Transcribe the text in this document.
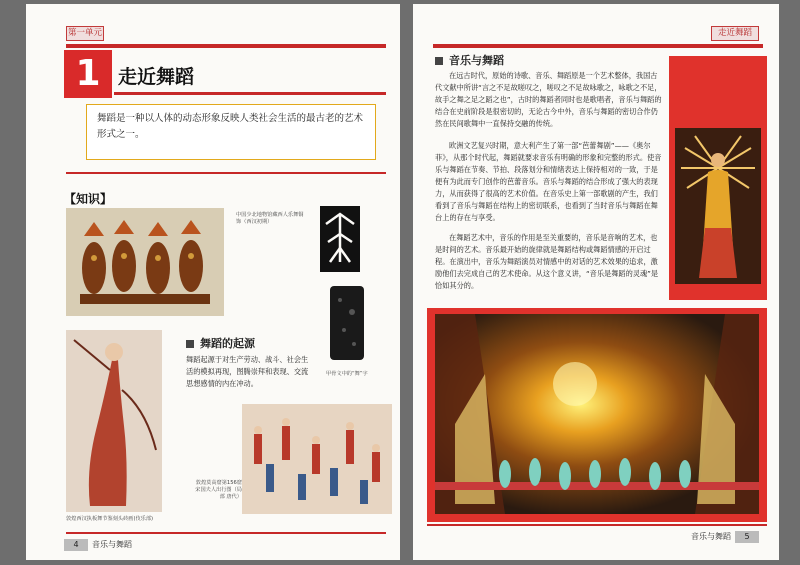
第一单元
1 走近舞蹈
舞蹈是一种以人体的动态形象反映人类社会生活的最古老的艺术形式之一。
【知识】
中国少北地物馆藏西人乐舞铜饰（西汉初期）
甲骨文中的“舞”字
敦煌西汉执板舞节鉴刻头砖画(伎乐部)
舞蹈的起源
舞蹈起源于对生产劳动、战斗、社会生活的模拟再现，图腾崇拜和表现、交流思想感情的内在冲动。
敦煌莫高窟第156窟宋国夫人出行图（局部 唐代）
4 音乐与舞蹈
走近舞蹈
音乐与舞蹈
在远古时代，原始的诗歌、音乐、舞蹈原是一个艺术整体，我国古代文献中所讲“言之不足故嗟叹之，嗟叹之不足故咏歌之，咏歌之不足，故手之舞之足之蹈之也”，古时的舞蹈者同时也是歌唱者，音乐与舞蹈的结合在史前阶段是很密切的，无论古今中外，音乐与舞蹈的密切合作仍然在民间歌舞中一直保持交融的传统。
欧洲文艺复兴时期，意大利产生了第一部“芭蕾舞剧”——《奥尔菲》，从那个时代起，舞蹈就要求音乐有明确的形象和完整的形式。使音乐与舞蹈在节奏、节拍、段落划分和情绪表达上保持相对的一致，于是便有为此而专门创作的芭蕾音乐。音乐与舞蹈的结合形成了强大的表现力，从而获得了很高的艺术价值。在音乐史上第一部歌剧的产生，我们看到了音乐与舞蹈在结构上的密切联系，也看到了当时音乐与舞蹈在舞台上的存在与享受。
在舞蹈艺术中，音乐的作用是至关重要的，音乐是音响的艺术，也是时间的艺术。音乐最开始的旋律就是舞蹈结构或舞蹈情感的开启过程。在演出中，音乐为舞蹈演员对情感中的对话的艺术效果的追求，激励他们去完成自己的艺术使命。从这个意义讲，“音乐是舞蹈的灵魂”是恰如其分的。
音乐与舞蹈 5
